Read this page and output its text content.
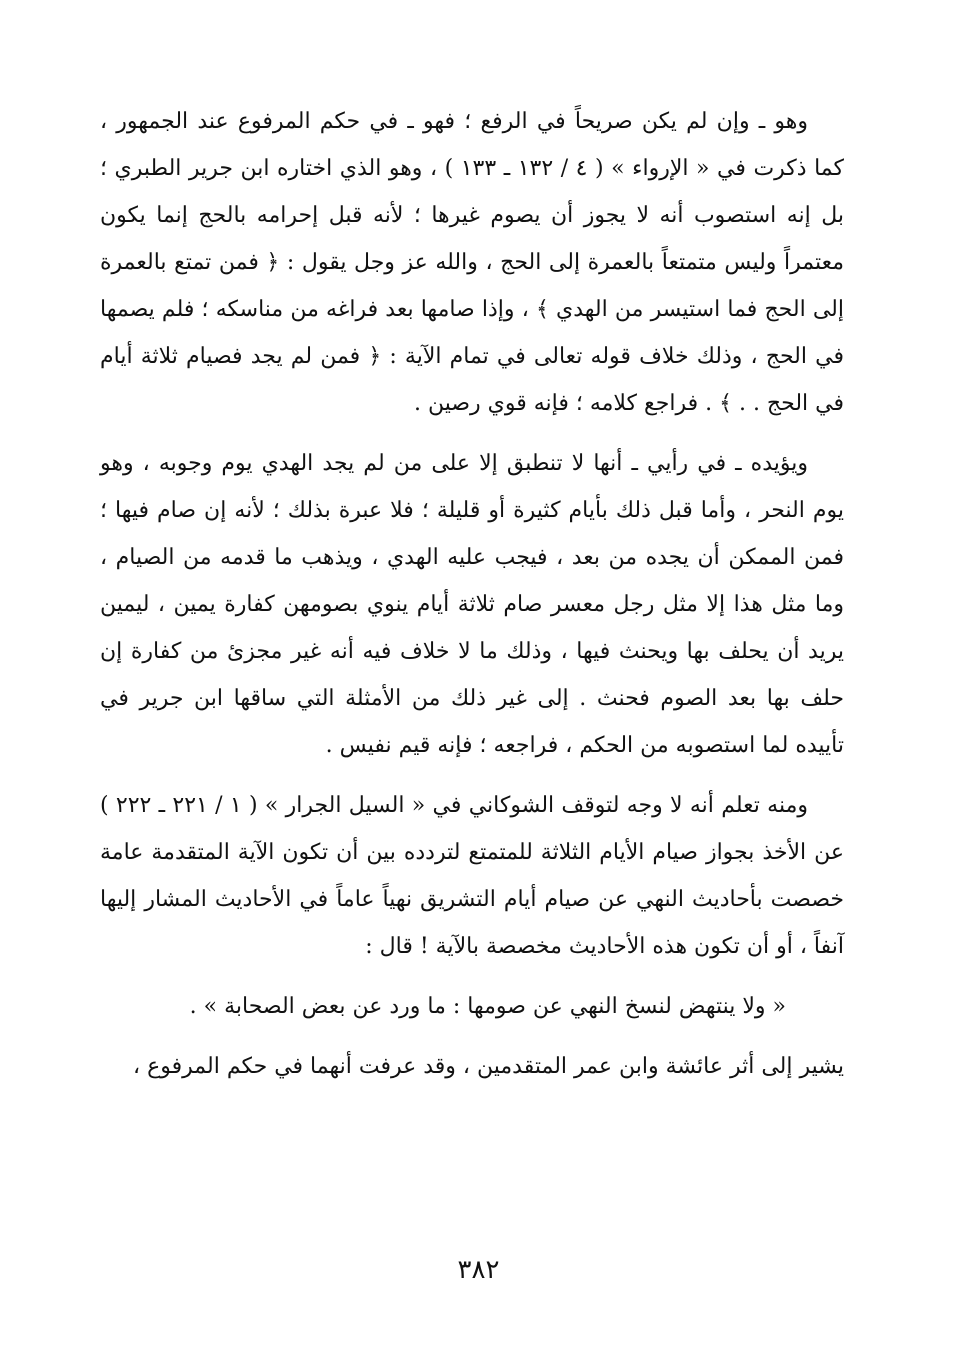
وهو ـ وإن لم يكن صريحاً في الرفع ؛ فهو ـ في حكم المرفوع عند الجمهور ، كما ذكرت في « الإرواء » ( ٤ / ١٣٢ ـ ١٣٣ ) ، وهو الذي اختاره ابن جرير الطبري ؛ بل إنه استصوب أنه لا يجوز أن يصوم غيرها ؛ لأنه قبل إحرامه بالحج إنما يكون معتمراً وليس متمتعاً بالعمرة إلى الحج ، والله عز وجل يقول : ﴿ فمن تمتع بالعمرة إلى الحج فما استيسر من الهدي ﴾ ، وإذا صامها بعد فراغه من مناسكه ؛ فلم يصمها في الحج ، وذلك خلاف قوله تعالى في تمام الآية : ﴿ فمن لم يجد فصيام ثلاثة أيام في الحج . . ﴾ . فراجع كلامه ؛ فإنه قوي رصين .

ويؤيده ـ في رأيي ـ أنها لا تنطبق إلا على من لم يجد الهدي يوم وجوبه ، وهو يوم النحر ، وأما قبل ذلك بأيام كثيرة أو قليلة ؛ فلا عبرة بذلك ؛ لأنه إن صام فيها ؛ فمن الممكن أن يجده من بعد ، فيجب عليه الهدي ، ويذهب ما قدمه من الصيام ، وما مثل هذا إلا مثل رجل معسر صام ثلاثة أيام ينوي بصومهن كفارة يمين ، ليمين يريد أن يحلف بها ويحنث فيها ، وذلك ما لا خلاف فيه أنه غير مجزئ من كفارة إن حلف بها بعد الصوم فحنث . إلى غير ذلك من الأمثلة التي ساقها ابن جرير في تأييده لما استصوبه من الحكم ، فراجعه ؛ فإنه قيم نفيس .

ومنه تعلم أنه لا وجه لتوقف الشوكاني في « السيل الجرار » ( ١ / ٢٢١ ـ ٢٢٢ ) عن الأخذ بجواز صيام الأيام الثلاثة للمتمتع لتردده بين أن تكون الآية المتقدمة عامة خصصت بأحاديث النهي عن صيام أيام التشريق نهياً عاماً في الأحاديث المشار إليها آنفاً ، أو أن تكون هذه الأحاديث مخصصة بالآية ! قال :

« ولا ينتهض لنسخ النهي عن صومها : ما ورد عن بعض الصحابة » .

يشير إلى أثر عائشة وابن عمر المتقدمين ، وقد عرفت أنهما في حكم المرفوع ،

٣٨٢
